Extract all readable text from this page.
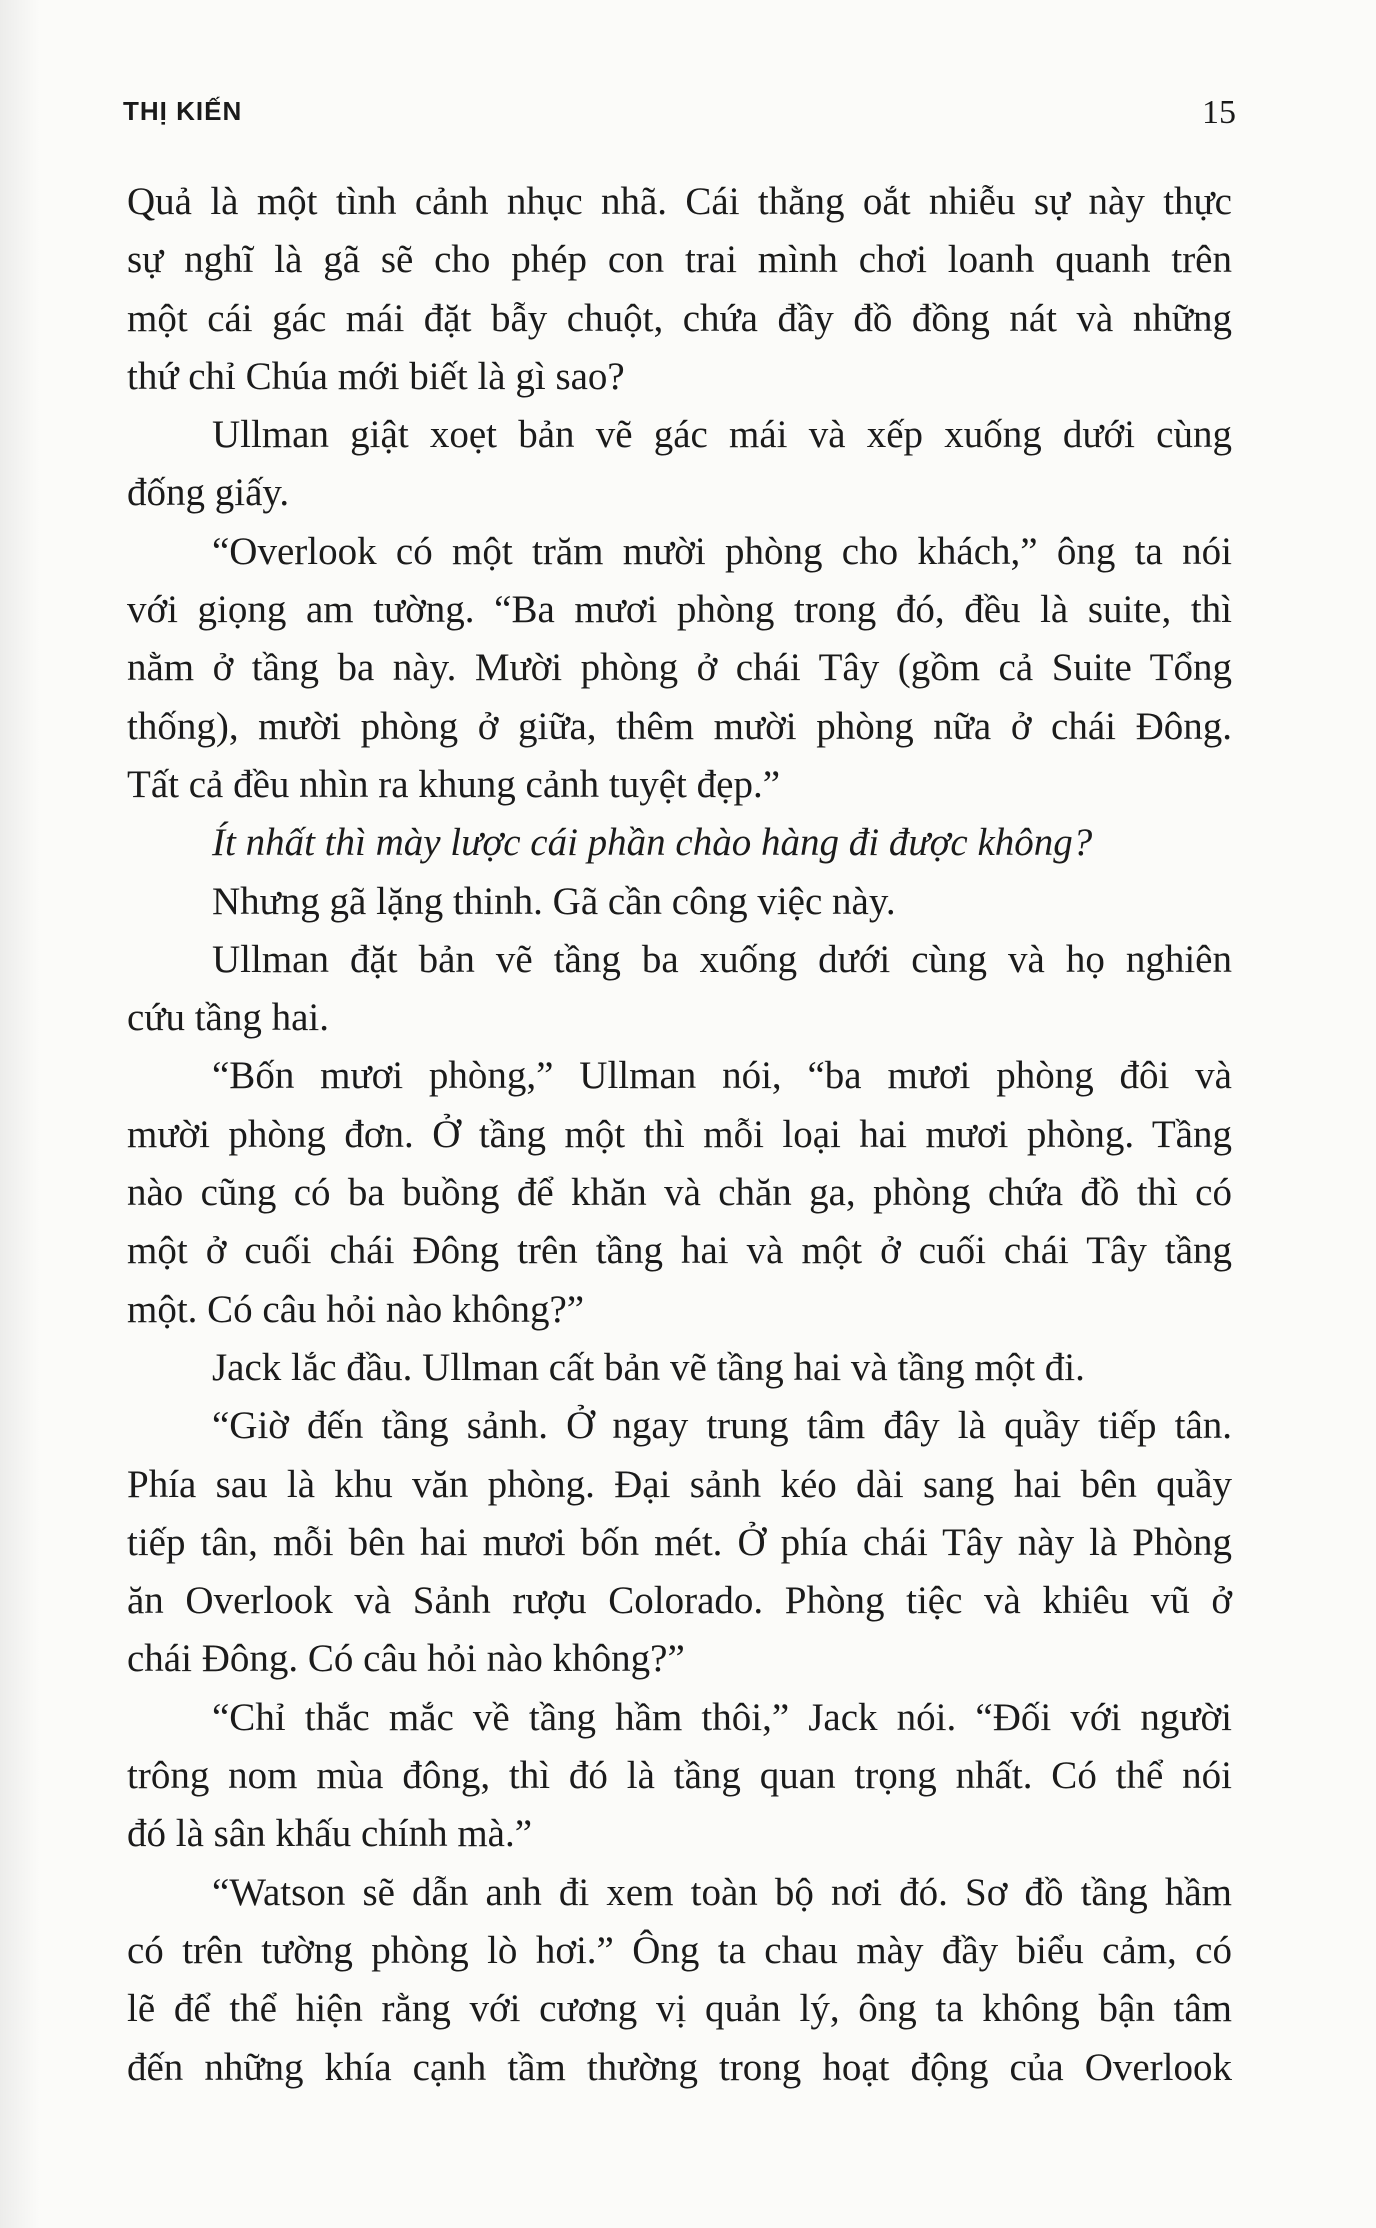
THỊ KIẾN	15

Quả là một tình cảnh nhục nhã. Cái thằng oắt nhiễu sự này thực

sự nghĩ là gã sẽ cho phép con trai mình chơi loanh quanh trên

một cái gác mái đặt bẫy chuột, chứa đầy đồ đồng nát và những

thứ chỉ Chúa mới biết là gì sao?

Ullman giật xoẹt bản vẽ gác mái và xếp xuống dưới cùng

đống giấy.

“Overlook có một trăm mười phòng cho khách,” ông ta nói

với giọng am tường. “Ba mươi phòng trong đó, đều là suite, thì

nằm ở tầng ba này. Mười phòng ở chái Tây (gồm cả Suite Tổng

thống), mười phòng ở giữa, thêm mười phòng nữa ở chái Đông.

Tất cả đều nhìn ra khung cảnh tuyệt đẹp.”

Ít nhất thì mày lược cái phần chào hàng đi được không?

Nhưng gã lặng thinh. Gã cần công việc này.

Ullman đặt bản vẽ tầng ba xuống dưới cùng và họ nghiên

cứu tầng hai.

“Bốn mươi phòng,” Ullman nói, “ba mươi phòng đôi và

mười phòng đơn. Ở tầng một thì mỗi loại hai mươi phòng. Tầng

nào cũng có ba buồng để khăn và chăn ga, phòng chứa đồ thì có

một ở cuối chái Đông trên tầng hai và một ở cuối chái Tây tầng

một. Có câu hỏi nào không?”

Jack lắc đầu. Ullman cất bản vẽ tầng hai và tầng một đi.

“Giờ đến tầng sảnh. Ở ngay trung tâm đây là quầy tiếp tân.

Phía sau là khu văn phòng. Đại sảnh kéo dài sang hai bên quầy

tiếp tân, mỗi bên hai mươi bốn mét. Ở phía chái Tây này là Phòng

ăn Overlook và Sảnh rượu Colorado. Phòng tiệc và khiêu vũ ở

chái Đông. Có câu hỏi nào không?”

“Chỉ thắc mắc về tầng hầm thôi,” Jack nói. “Đối với người

trông nom mùa đông, thì đó là tầng quan trọng nhất. Có thể nói

đó là sân khấu chính mà.”

“Watson sẽ dẫn anh đi xem toàn bộ nơi đó. Sơ đồ tầng hầm

có trên tường phòng lò hơi.” Ông ta chau mày đầy biểu cảm, có

lẽ để thể hiện rằng với cương vị quản lý, ông ta không bận tâm

đến những khía cạnh tầm thường trong hoạt động của Overlook
